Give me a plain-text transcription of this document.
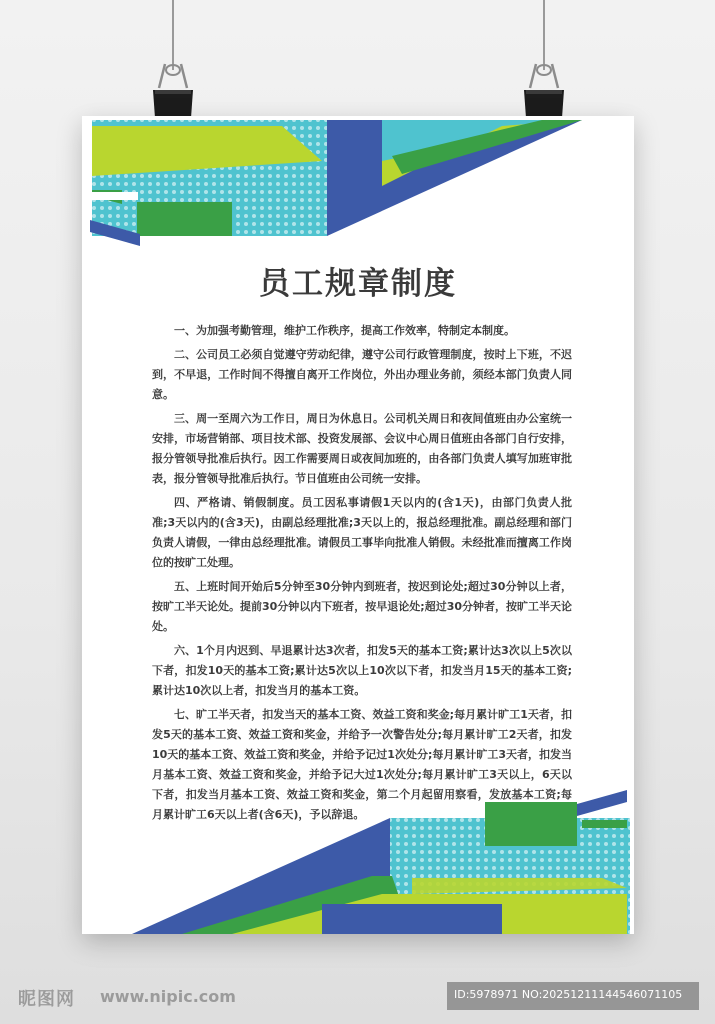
员工规章制度

一、为加强考勤管理，维护工作秩序，提高工作效率，特制定本制度。

二、公司员工必须自觉遵守劳动纪律，遵守公司行政管理制度，按时上下班，不迟到，不早退，工作时间不得擅自离开工作岗位，外出办理业务前，须经本部门负责人同意。

三、周一至周六为工作日，周日为休息日。公司机关周日和夜间值班由办公室统一安排，市场营销部、项目技术部、投资发展部、会议中心周日值班由各部门自行安排，报分管领导批准后执行。因工作需要周日或夜间加班的，由各部门负责人填写加班审批表，报分管领导批准后执行。节日值班由公司统一安排。

四、严格请、销假制度。员工因私事请假1天以内的(含1天)，由部门负责人批准;3天以内的(含3天)，由副总经理批准;3天以上的，报总经理批准。副总经理和部门负责人请假，一律由总经理批准。请假员工事毕向批准人销假。未经批准而擅离工作岗位的按旷工处理。

五、上班时间开始后5分钟至30分钟内到班者，按迟到论处;超过30分钟以上者，按旷工半天论处。提前30分钟以内下班者，按早退论处;超过30分钟者，按旷工半天论处。

六、1个月内迟到、早退累计达3次者，扣发5天的基本工资;累计达3次以上5次以下者，扣发10天的基本工资;累计达5次以上10次以下者，扣发当月15天的基本工资;累计达10次以上者，扣发当月的基本工资。

七、旷工半天者，扣发当天的基本工资、效益工资和奖金;每月累计旷工1天者，扣发5天的基本工资、效益工资和奖金，并给予一次警告处分;每月累计旷工2天者，扣发10天的基本工资、效益工资和奖金，并给予记过1次处分;每月累计旷工3天者，扣发当月基本工资、效益工资和奖金，并给予记大过1次处分;每月累计旷工3天以上，6天以下者，扣发当月基本工资、效益工资和奖金，第二个月起留用察看，发放基本工资;每月累计旷工6天以上者(含6天)，予以辞退。

昵图网 www.nipic.com	ID:5978971 NO:20251211144546071105
